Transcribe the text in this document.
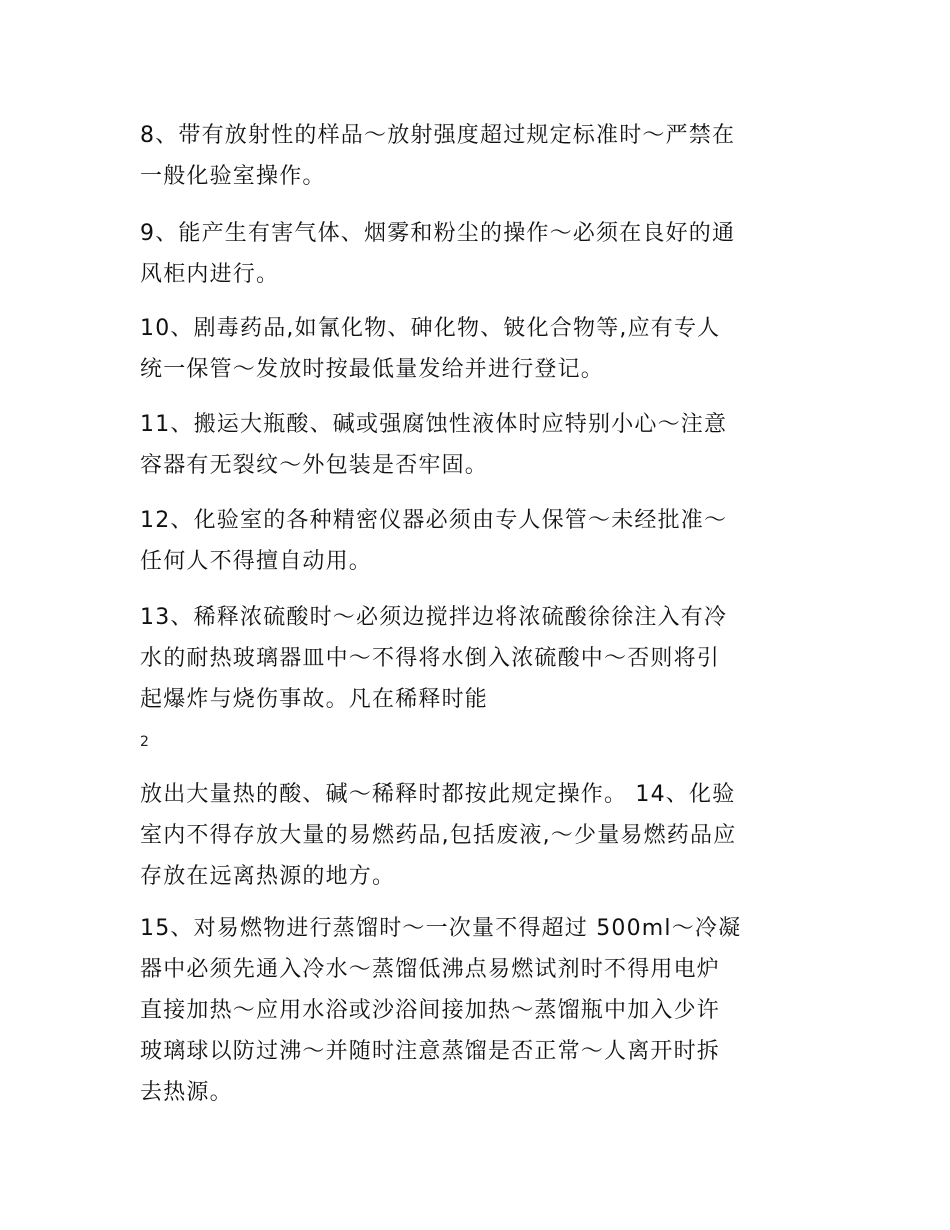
8、带有放射性的样品～放射强度超过规定标准时～严禁在
一般化验室操作。

9、能产生有害气体、烟雾和粉尘的操作～必须在良好的通
风柜内进行。

10、剧毒药品,如氰化物、砷化物、铍化合物等,应有专人
统一保管～发放时按最低量发给并进行登记。

11、搬运大瓶酸、碱或强腐蚀性液体时应特别小心～注意
容器有无裂纹～外包装是否牢固。

12、化验室的各种精密仪器必须由专人保管～未经批准～
任何人不得擅自动用。

13、稀释浓硫酸时～必须边搅拌边将浓硫酸徐徐注入有冷
水的耐热玻璃器皿中～不得将水倒入浓硫酸中～否则将引
起爆炸与烧伤事故。凡在稀释时能

2

放出大量热的酸、碱～稀释时都按此规定操作。 14、化验
室内不得存放大量的易燃药品,包括废液,～少量易燃药品应
存放在远离热源的地方。

15、对易燃物进行蒸馏时～一次量不得超过 500ml～冷凝
器中必须先通入冷水～蒸馏低沸点易燃试剂时不得用电炉
直接加热～应用水浴或沙浴间接加热～蒸馏瓶中加入少许
玻璃球以防过沸～并随时注意蒸馏是否正常～人离开时拆
去热源。
